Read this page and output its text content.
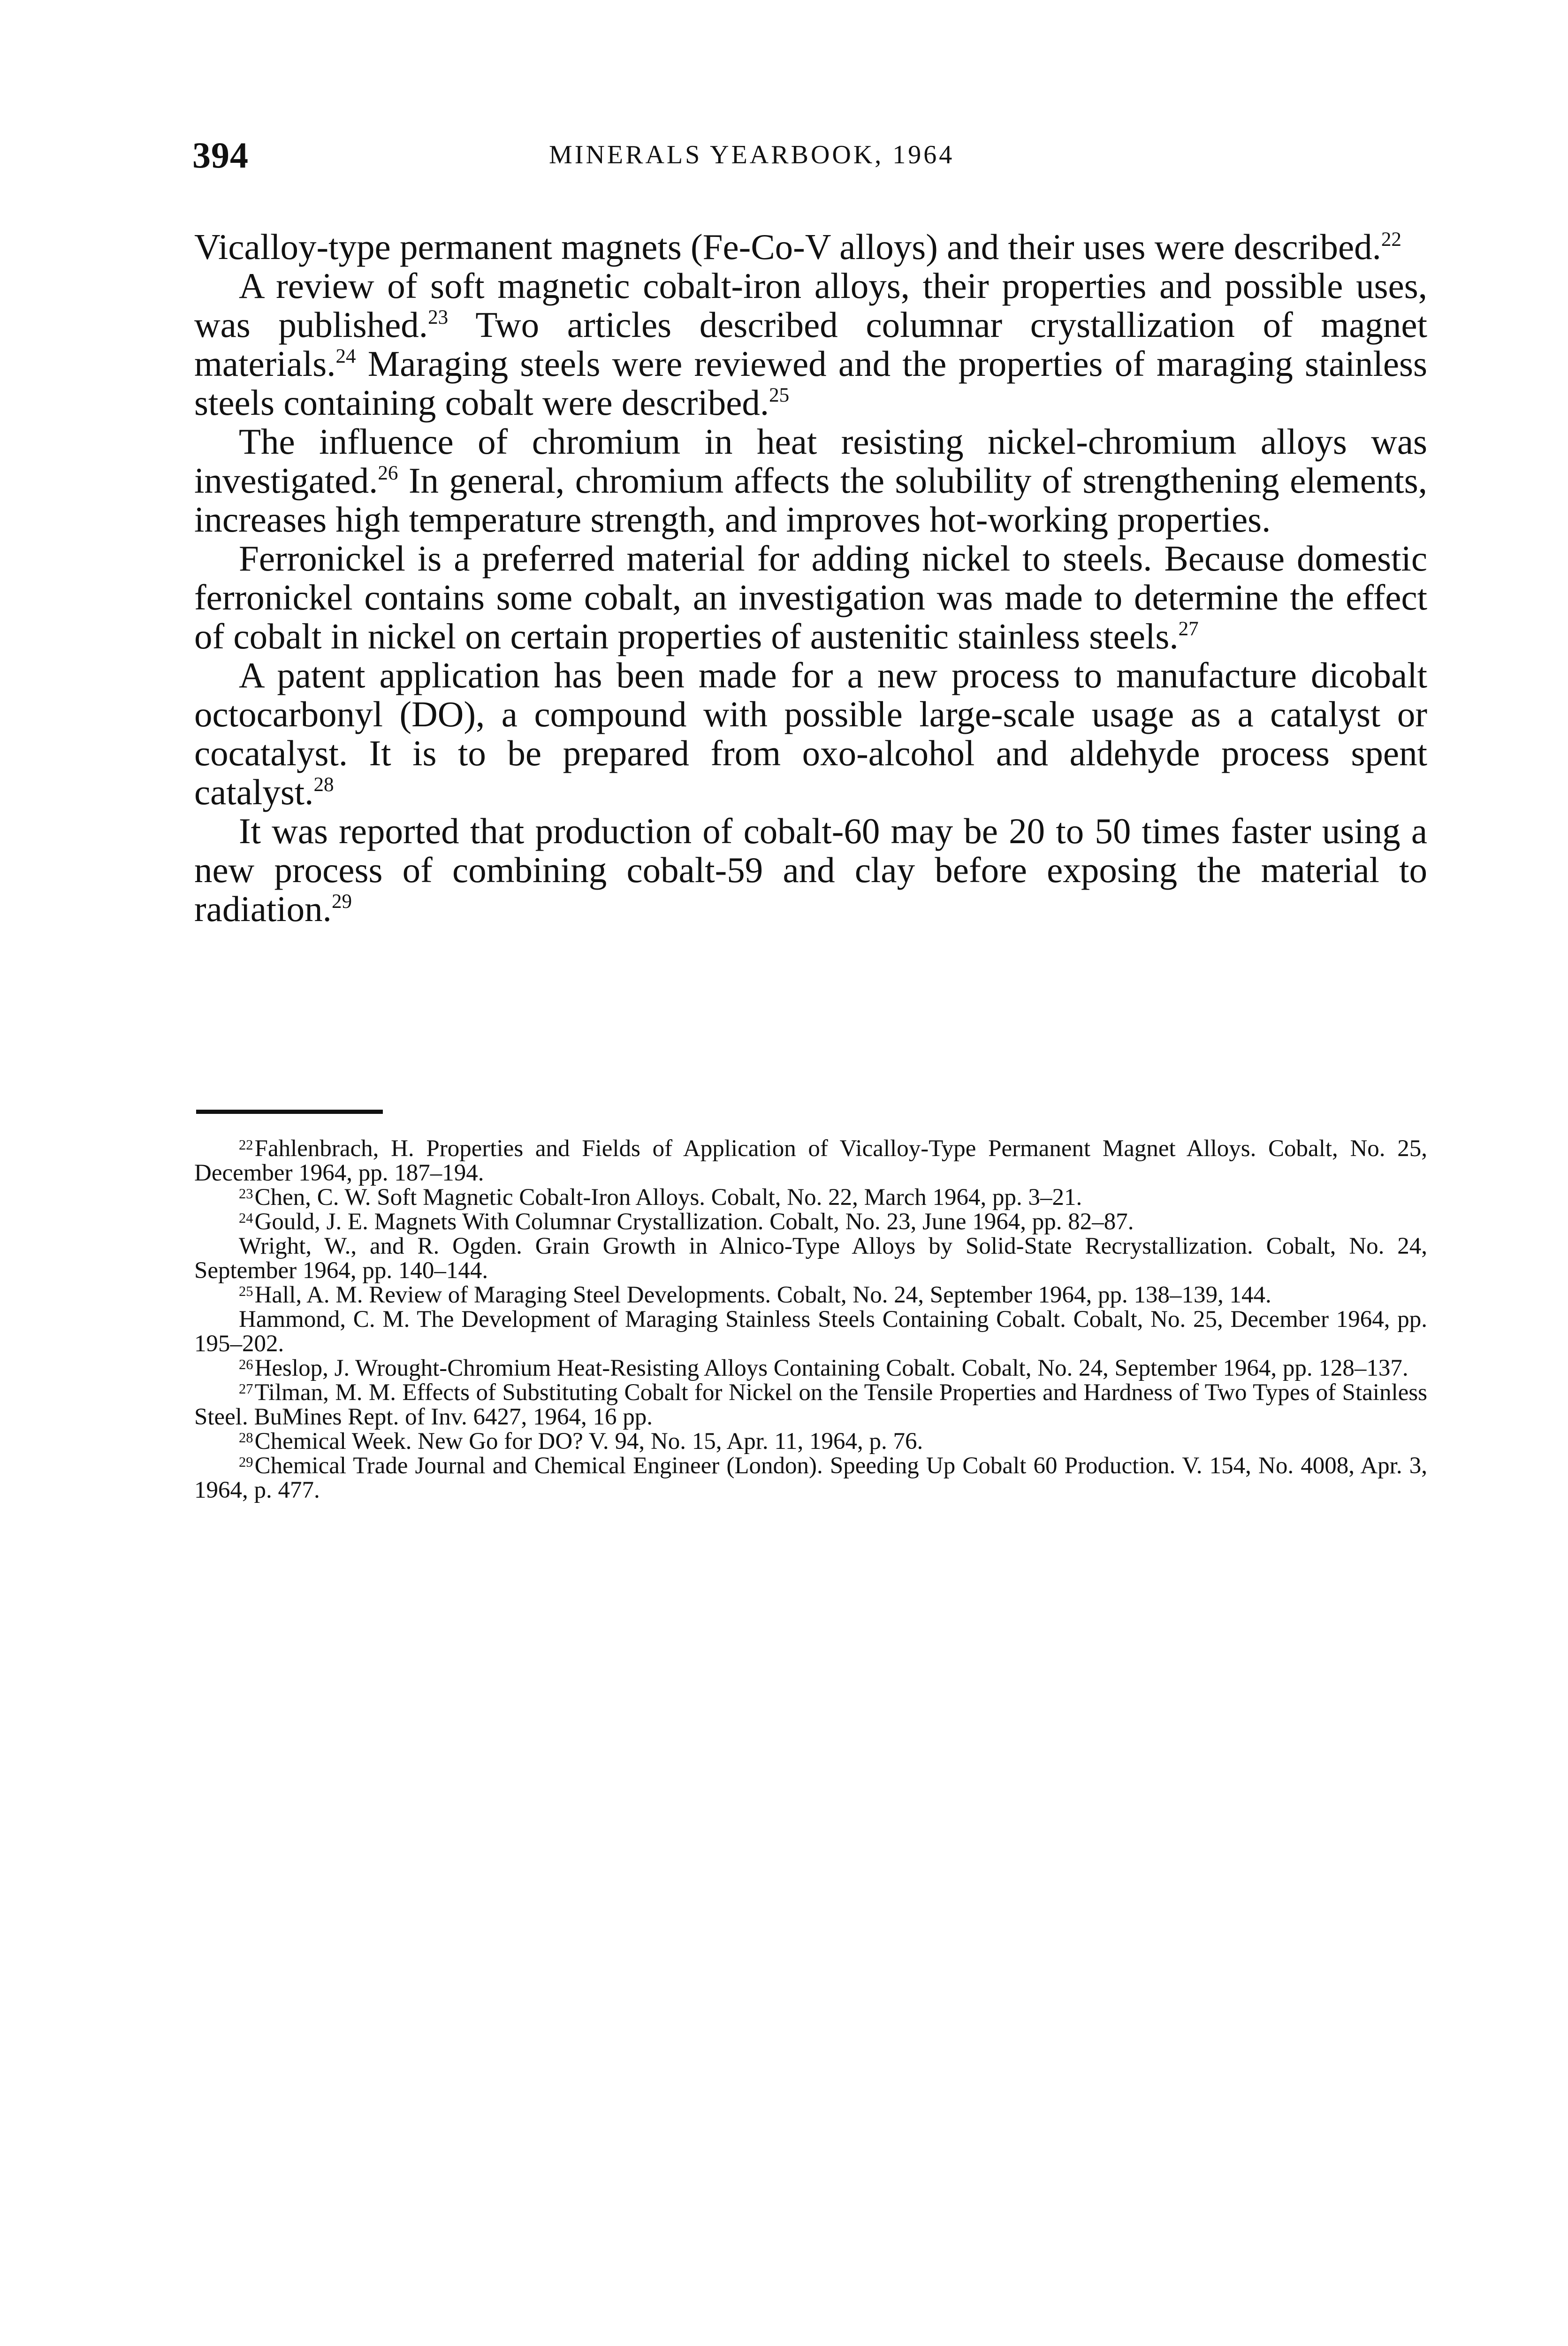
394	MINERALS YEARBOOK, 1964

Vicalloy-type permanent magnets (Fe-Co-V alloys) and their uses were described.$^{22}$

A review of soft magnetic cobalt-iron alloys, their properties and possible uses, was published.$^{23}$ Two articles described columnar crystallization of magnet materials.$^{24}$ Maraging steels were reviewed and the properties of maraging stainless steels containing cobalt were described.$^{25}$

The influence of chromium in heat resisting nickel-chromium alloys was investigated.$^{26}$ In general, chromium affects the solubility of strengthening elements, increases high temperature strength, and improves hot-working properties.

Ferronickel is a preferred material for adding nickel to steels. Because domestic ferronickel contains some cobalt, an investigation was made to determine the effect of cobalt in nickel on certain properties of austenitic stainless steels.$^{27}$

A patent application has been made for a new process to manufacture dicobalt octocarbonyl (DO), a compound with possible large-scale usage as a catalyst or cocatalyst. It is to be prepared from oxo-alcohol and aldehyde process spent catalyst.$^{28}$

It was reported that production of cobalt-60 may be 20 to 50 times faster using a new process of combining cobalt-59 and clay before exposing the material to radiation.$^{29}$

$^{22}$Fahlenbrach, H. Properties and Fields of Application of Vicalloy-Type Permanent Magnet Alloys. Cobalt, No. 25, December 1964, pp. 187–194.

$^{23}$Chen, C. W. Soft Magnetic Cobalt-Iron Alloys. Cobalt, No. 22, March 1964, pp. 3–21.

$^{24}$Gould, J. E. Magnets With Columnar Crystallization. Cobalt, No. 23, June 1964, pp. 82–87.

Wright, W., and R. Ogden. Grain Growth in Alnico-Type Alloys by Solid-State Recrystallization. Cobalt, No. 24, September 1964, pp. 140–144.

$^{25}$Hall, A. M. Review of Maraging Steel Developments. Cobalt, No. 24, September 1964, pp. 138–139, 144.

Hammond, C. M. The Development of Maraging Stainless Steels Containing Cobalt. Cobalt, No. 25, December 1964, pp. 195–202.

$^{26}$Heslop, J. Wrought-Chromium Heat-Resisting Alloys Containing Cobalt. Cobalt, No. 24, September 1964, pp. 128–137.

$^{27}$Tilman, M. M. Effects of Substituting Cobalt for Nickel on the Tensile Properties and Hardness of Two Types of Stainless Steel. BuMines Rept. of Inv. 6427, 1964, 16 pp.

$^{28}$Chemical Week. New Go for DO? V. 94, No. 15, Apr. 11, 1964, p. 76.

$^{29}$Chemical Trade Journal and Chemical Engineer (London). Speeding Up Cobalt 60 Production. V. 154, No. 4008, Apr. 3, 1964, p. 477.
